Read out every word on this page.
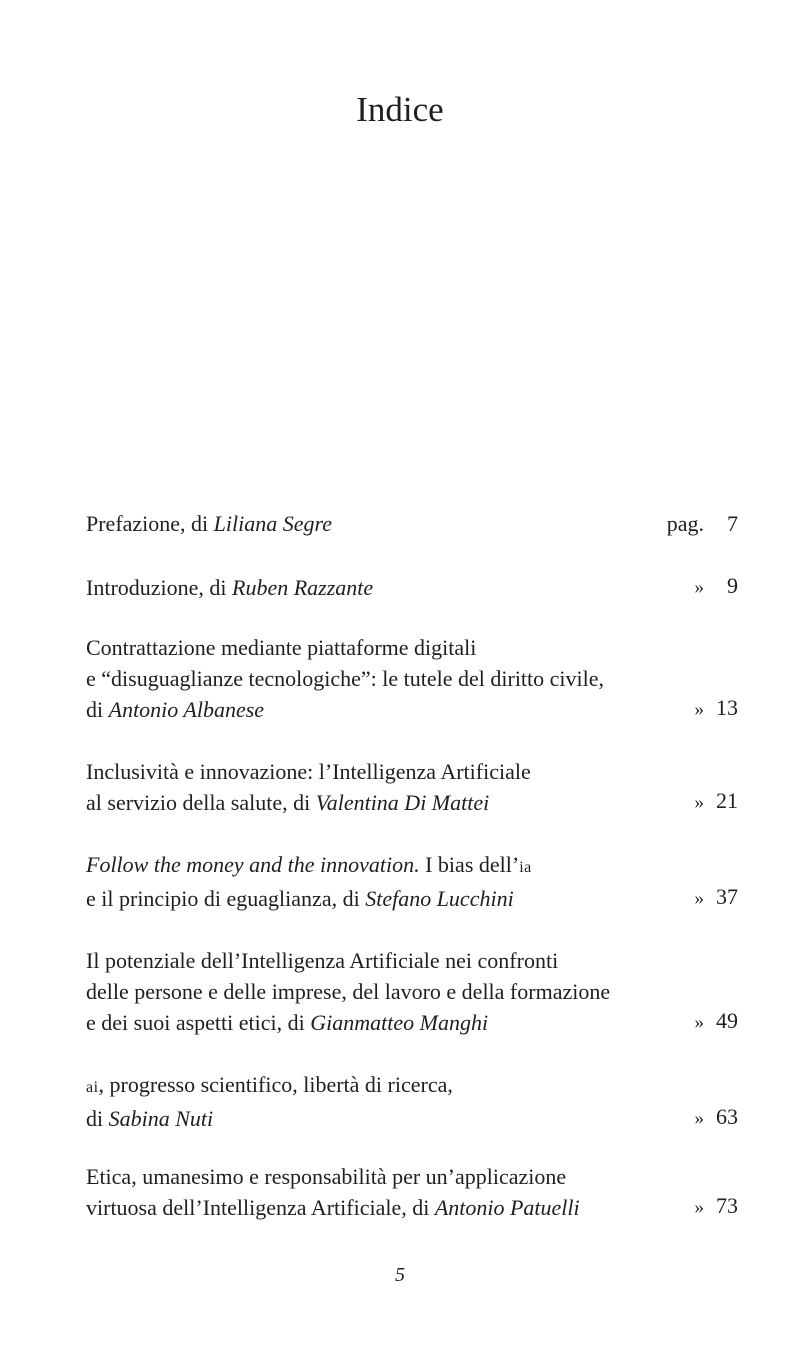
Indice
Prefazione, di Liliana Segre	pag.	7
Introduzione, di Ruben Razzante	»	9
Contrattazione mediante piattaforme digitali
e “disuguaglianze tecnologiche”: le tutele del diritto civile,
di Antonio Albanese	» 13
Inclusività e innovazione: l’Intelligenza Artificiale
al servizio della salute, di Valentina Di Mattei	» 21
Follow the money and the innovation. I bias dell’ia
e il principio di eguaglianza, di Stefano Lucchini	» 37
Il potenziale dell’Intelligenza Artificiale nei confronti
delle persone e delle imprese, del lavoro e della formazione
e dei suoi aspetti etici, di Gianmatteo Manghi	» 49
ai, progresso scientifico, libertà di ricerca,
di Sabina Nuti	» 63
Etica, umanesimo e responsabilità per un’applicazione
virtuosa dell’Intelligenza Artificiale, di Antonio Patuelli	» 73
5
